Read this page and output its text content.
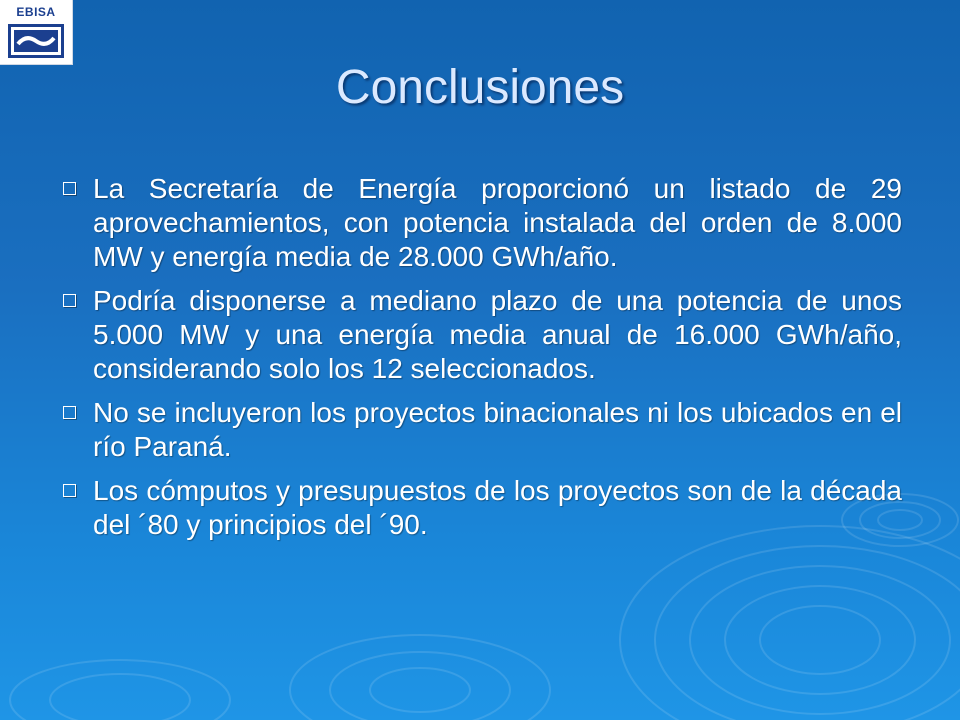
EBISA
Conclusiones
La Secretaría de Energía proporcionó un listado de 29 aprovechamientos, con potencia instalada del orden de 8.000 MW y energía media de 28.000 GWh/año.
Podría disponerse a mediano plazo de una potencia de unos 5.000 MW y una energía media anual de 16.000 GWh/año, considerando solo los 12 seleccionados.
No se incluyeron los proyectos binacionales ni los ubicados en el río Paraná.
Los cómputos y presupuestos de los proyectos son de la década del ´80 y principios del ´90.
